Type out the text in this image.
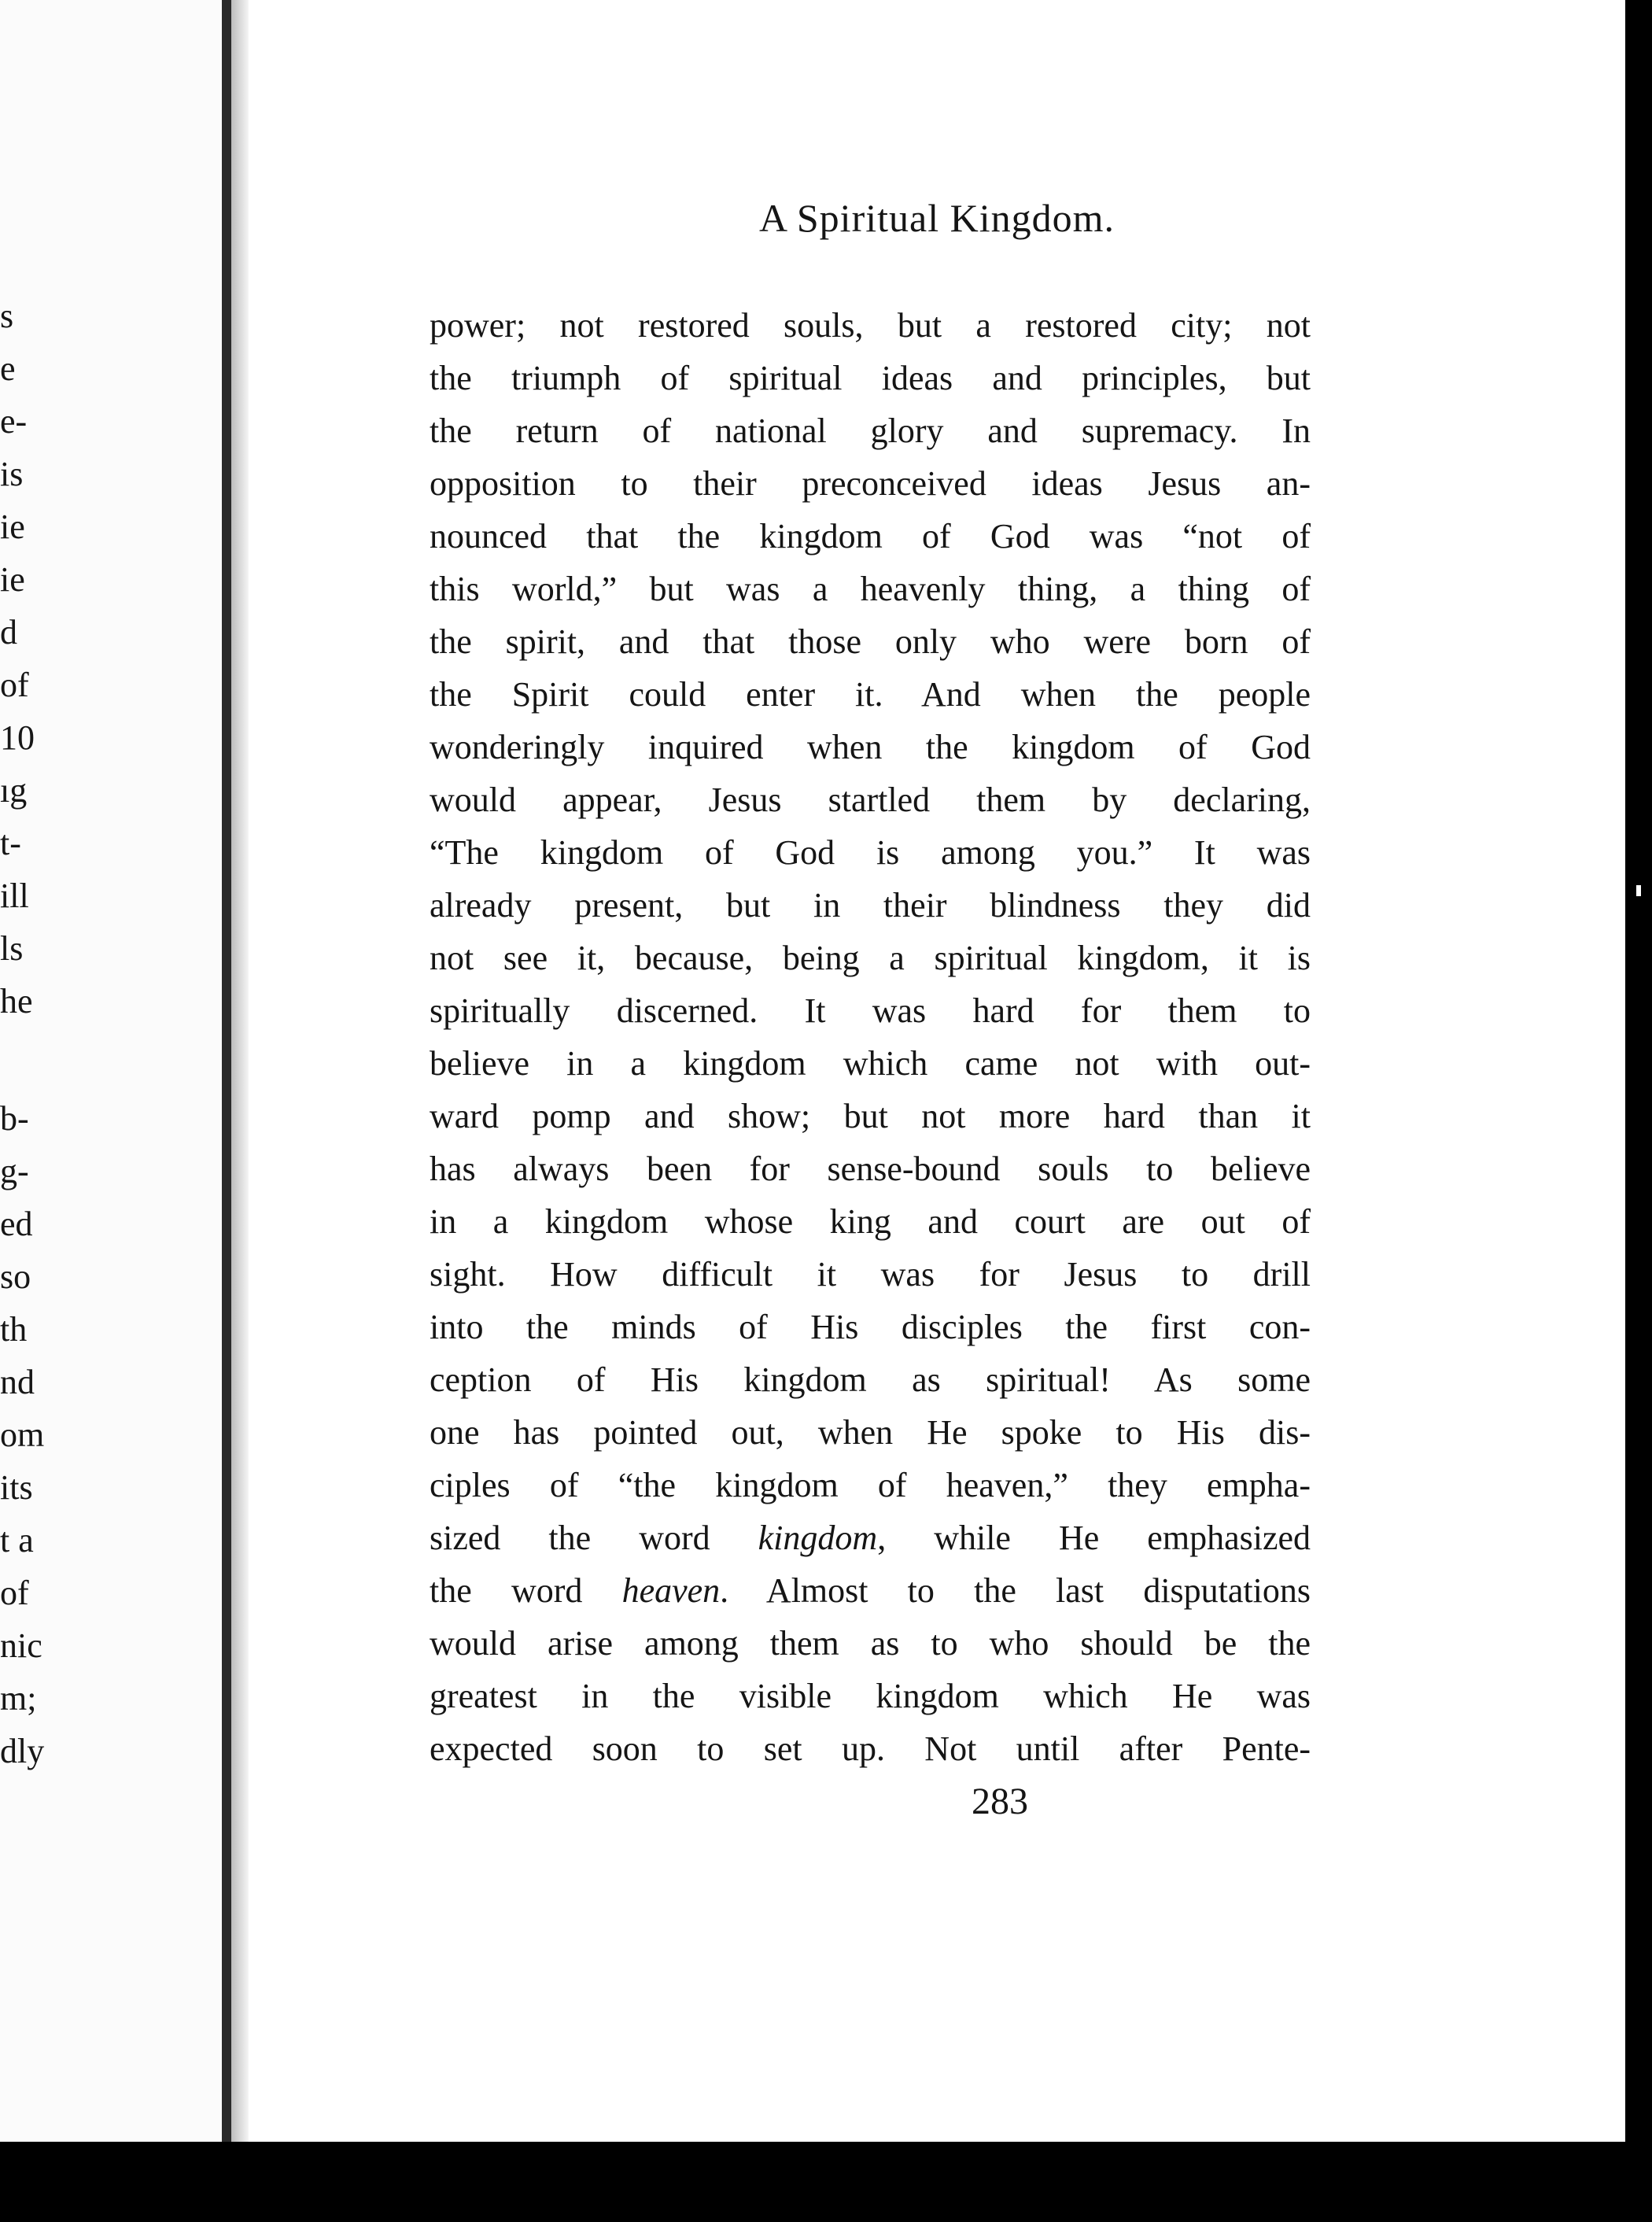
s
e
e-
is
ie
ie
d
of
10
ıg
t-
ill
ls
he
b-
g-
ed
so
th
nd
om
its
t a
of
nic
m;
dly
A Spiritual Kingdom.
power; not restored souls, but a restored city; not
the triumph of spiritual ideas and principles, but
the return of national glory and supremacy. In
opposition to their preconceived ideas Jesus an-
nounced that the kingdom of God was “not of
this world,” but was a heavenly thing, a thing of
the spirit, and that those only who were born of
the Spirit could enter it. And when the people
wonderingly inquired when the kingdom of God
would appear, Jesus startled them by declaring,
“The kingdom of God is among you.” It was
already present, but in their blindness they did
not see it, because, being a spiritual kingdom, it is
spiritually discerned. It was hard for them to
believe in a kingdom which came not with out-
ward pomp and show; but not more hard than it
has always been for sense-bound souls to believe
in a kingdom whose king and court are out of
sight. How difficult it was for Jesus to drill
into the minds of His disciples the first con-
ception of His kingdom as spiritual! As some
one has pointed out, when He spoke to His dis-
ciples of “the kingdom of heaven,” they empha-
sized the word kingdom, while He emphasized
the word heaven. Almost to the last disputations
would arise among them as to who should be the
greatest in the visible kingdom which He was
expected soon to set up. Not until after Pente-
283
